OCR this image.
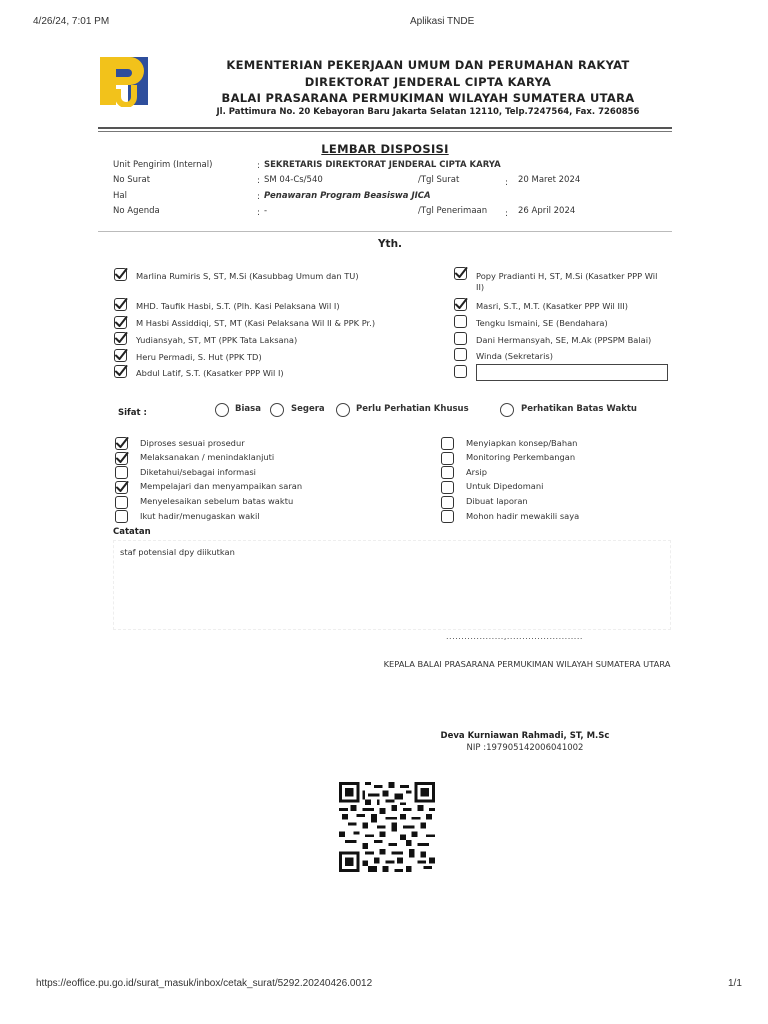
4/26/24, 7:01 PM	Aplikasi TNDE
KEMENTERIAN PEKERJAAN UMUM DAN PERUMAHAN RAKYAT
DIREKTORAT JENDERAL CIPTA KARYA
BALAI PRASARANA PERMUKIMAN WILAYAH SUMATERA UTARA
Jl. Pattimura No. 20 Kebayoran Baru Jakarta Selatan 12110, Telp.7247564, Fax. 7260856
LEMBAR DISPOSISI
Unit Pengirim (Internal)	: SEKRETARIS DIREKTORAT JENDERAL CIPTA KARYA
No Surat	: SM 04-Cs/540	/Tgl Surat	: 20 Maret 2024
Hal	: Penawaran Program Beasiswa JICA
No Agenda	: -	/Tgl Penerimaan : 26 April 2024
Yth.
Marlina Rumiris S, ST, M.Si (Kasubbag Umum dan TU)
MHD. Taufik Hasbi, S.T. (Plh. Kasi Pelaksana Wil I)
M Hasbi Assiddiqi, ST, MT (Kasi Pelaksana Wil II & PPK Pr.)
Yudiansyah, ST, MT (PPK Tata Laksana)
Heru Permadi, S. Hut (PPK TD)
Abdul Latif, S.T. (Kasatker PPP Wil I)
Popy Pradianti H, ST, M.Si (Kasatker PPP Wil II)
Masri, S.T., M.T. (Kasatker PPP Wil III)
Tengku Ismaini, SE (Bendahara)
Dani Hermansyah, SE, M.Ak (PPSPM Balai)
Winda (Sekretaris)
Sifat :	Biasa	Segera	Perlu Perhatian Khusus	Perhatikan Batas Waktu
Diproses sesuai prosedur
Melaksanakan / menindaklanjuti
Diketahui/sebagai informasi
Mempelajari dan menyampaikan saran
Menyelesaikan sebelum batas waktu
Ikut hadir/menugaskan wakil
Menyiapkan konsep/Bahan
Monitoring Perkembangan
Arsip
Untuk Dipedomani
Dibuat laporan
Mohon hadir mewakili saya
Catatan
staf potensial dpy diikutkan
...................,.........................
KEPALA BALAI PRASARANA PERMUKIMAN WILAYAH SUMATERA UTARA
Deva Kurniawan Rahmadi, ST, M.Sc
NIP :197905142006041002
https://eoffice.pu.go.id/surat_masuk/inbox/cetak_surat/5292.20240426.0012	1/1
